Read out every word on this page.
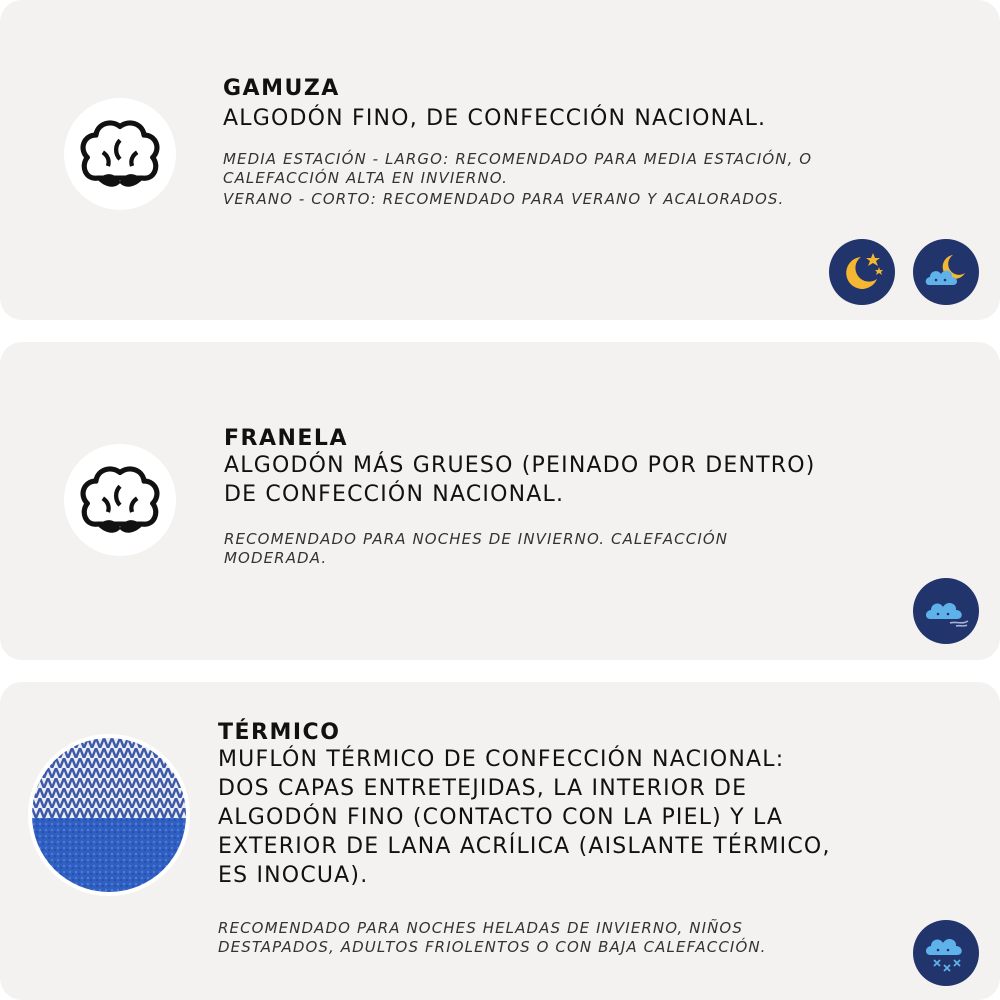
GAMUZA

ALGODÓN FINO, DE CONFECCIÓN NACIONAL.

MEDIA ESTACIÓN - LARGO: RECOMENDADO PARA MEDIA ESTACIÓN, O
CALEFACCIÓN ALTA EN INVIERNO.

VERANO - CORTO: RECOMENDADO PARA VERANO Y ACALORADOS.

FRANELA

ALGODÓN MÁS GRUESO (PEINADO POR DENTRO)
DE CONFECCIÓN NACIONAL.

RECOMENDADO PARA NOCHES DE INVIERNO. CALEFACCIÓN
MODERADA.

TÉRMICO

MUFLÓN TÉRMICO DE CONFECCIÓN NACIONAL:
DOS CAPAS ENTRETEJIDAS, LA INTERIOR DE
ALGODÓN FINO (CONTACTO CON LA PIEL) Y LA
EXTERIOR DE LANA ACRÍLICA (AISLANTE TÉRMICO,
ES INOCUA).

RECOMENDADO PARA NOCHES HELADAS DE INVIERNO, NIÑOS
DESTAPADOS, ADULTOS FRIOLENTOS O CON BAJA CALEFACCIÓN.
